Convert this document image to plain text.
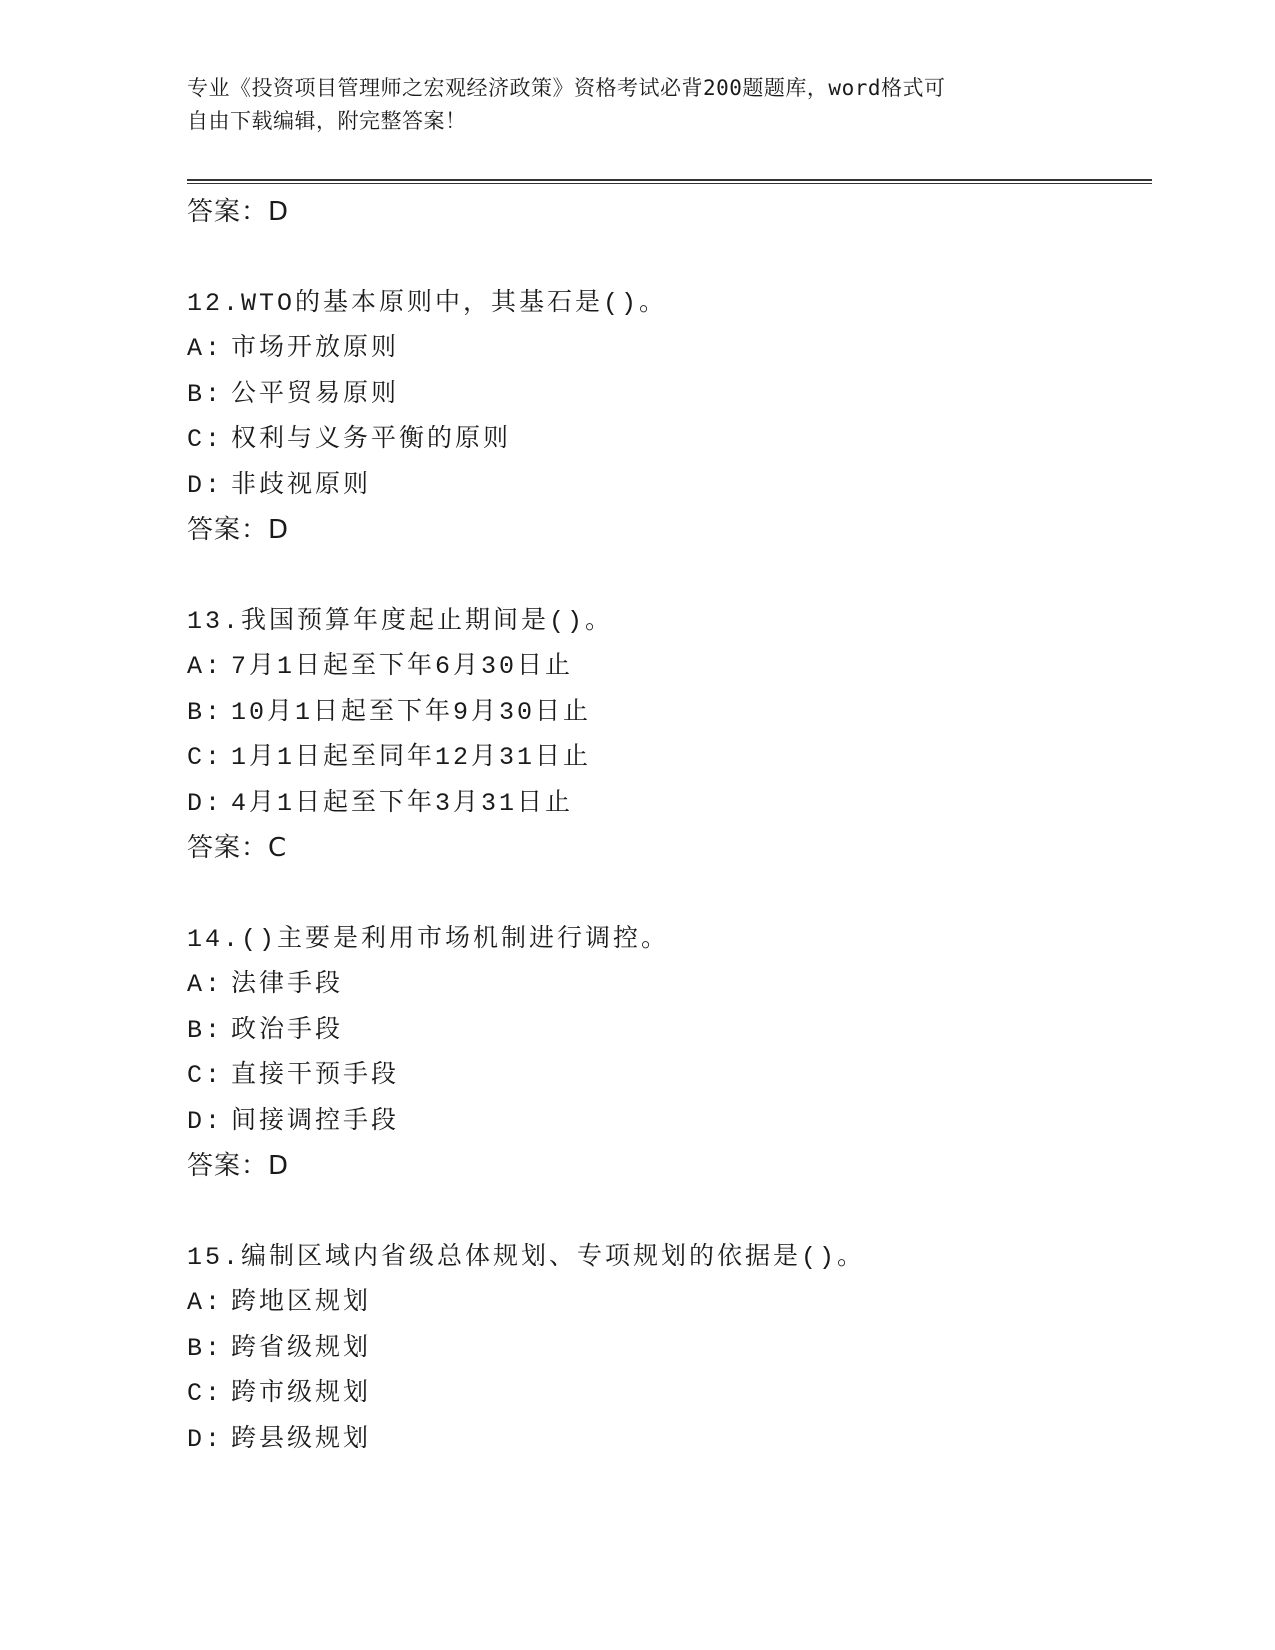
专业《投资项目管理师之宏观经济政策》资格考试必背200题题库，word格式可

自由下载编辑，附完整答案！

答案：D
12.WTO的基本原则中，其基石是()。
A: 市场开放原则
B: 公平贸易原则
C: 权利与义务平衡的原则
D: 非歧视原则
答案：D
13.我国预算年度起止期间是()。
A: 7月1日起至下年6月30日止
B: 10月1日起至下年9月30日止
C: 1月1日起至同年12月31日止
D: 4月1日起至下年3月31日止
答案：C
14.()主要是利用市场机制进行调控。
A: 法律手段
B: 政治手段
C: 直接干预手段
D: 间接调控手段
答案：D
15.编制区域内省级总体规划、专项规划的依据是()。
A: 跨地区规划
B: 跨省级规划
C: 跨市级规划
D: 跨县级规划
